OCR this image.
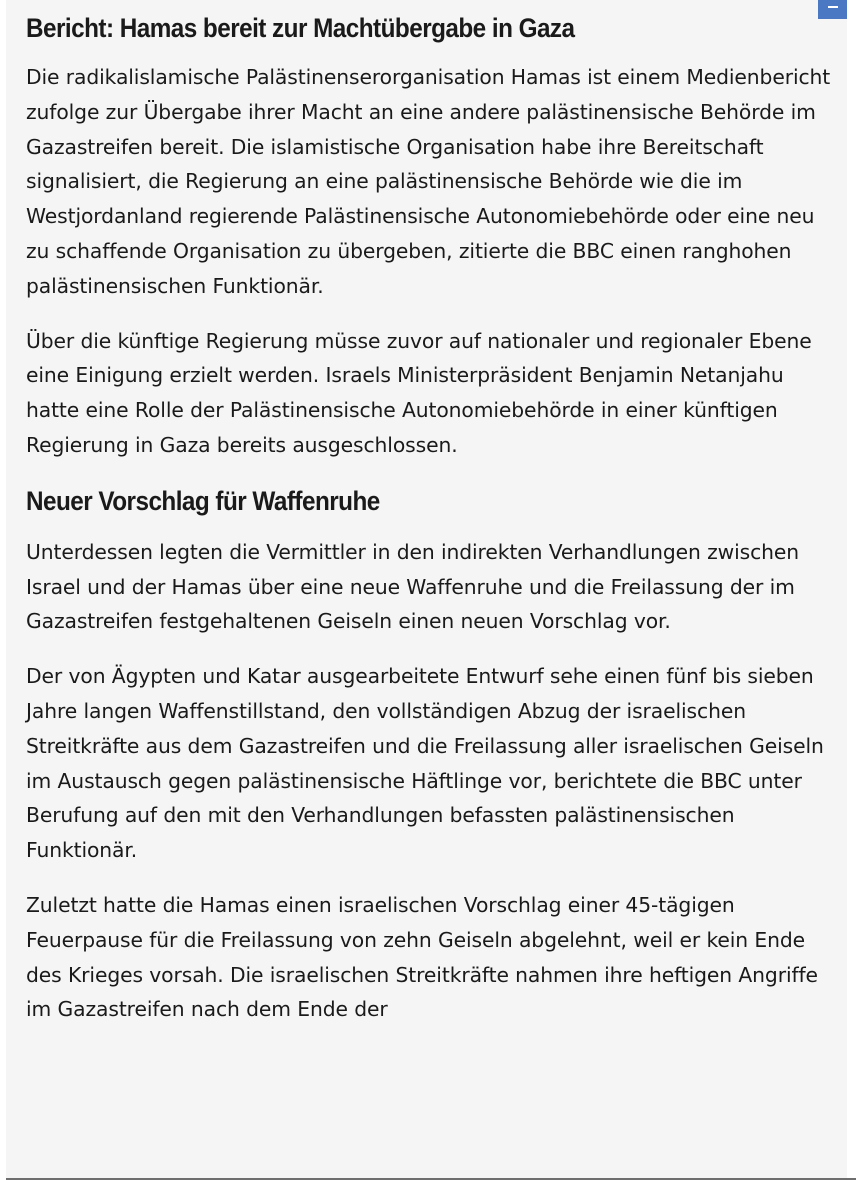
Bericht: Hamas bereit zur Machtübergabe in Gaza

Die radikalislamische Palästinenserorganisation Hamas ist einem Medienbericht zufolge zur Übergabe ihrer Macht an eine andere palästinensische Behörde im Gazastreifen bereit. Die islamistische Organisation habe ihre Bereitschaft signalisiert, die Regierung an eine palästinensische Behörde wie die im Westjordanland regierende Palästinensische Autonomiebehörde oder eine neu zu schaffende Organisation zu übergeben, zitierte die BBC einen ranghohen palästinensischen Funktionär.

Über die künftige Regierung müsse zuvor auf nationaler und regionaler Ebene eine Einigung erzielt werden. Israels Ministerpräsident Benjamin Netanjahu hatte eine Rolle der Palästinensische Autonomiebehörde in einer künftigen Regierung in Gaza bereits ausgeschlossen.

Neuer Vorschlag für Waffenruhe

Unterdessen legten die Vermittler in den indirekten Verhandlungen zwischen Israel und der Hamas über eine neue Waffenruhe und die Freilassung der im Gazastreifen festgehaltenen Geiseln einen neuen Vorschlag vor.

Der von Ägypten und Katar ausgearbeitete Entwurf sehe einen fünf bis sieben Jahre langen Waffenstillstand, den vollständigen Abzug der israelischen Streitkräfte aus dem Gazastreifen und die Freilassung aller israelischen Geiseln im Austausch gegen palästinensische Häftlinge vor, berichtete die BBC unter Berufung auf den mit den Verhandlungen befassten palästinensischen Funktionär.

Zuletzt hatte die Hamas einen israelischen Vorschlag einer 45-tägigen Feuerpause für die Freilassung von zehn Geiseln abgelehnt, weil er kein Ende des Krieges vorsah. Die israelischen Streitkräfte nahmen ihre heftigen Angriffe im Gazastreifen nach dem Ende der
